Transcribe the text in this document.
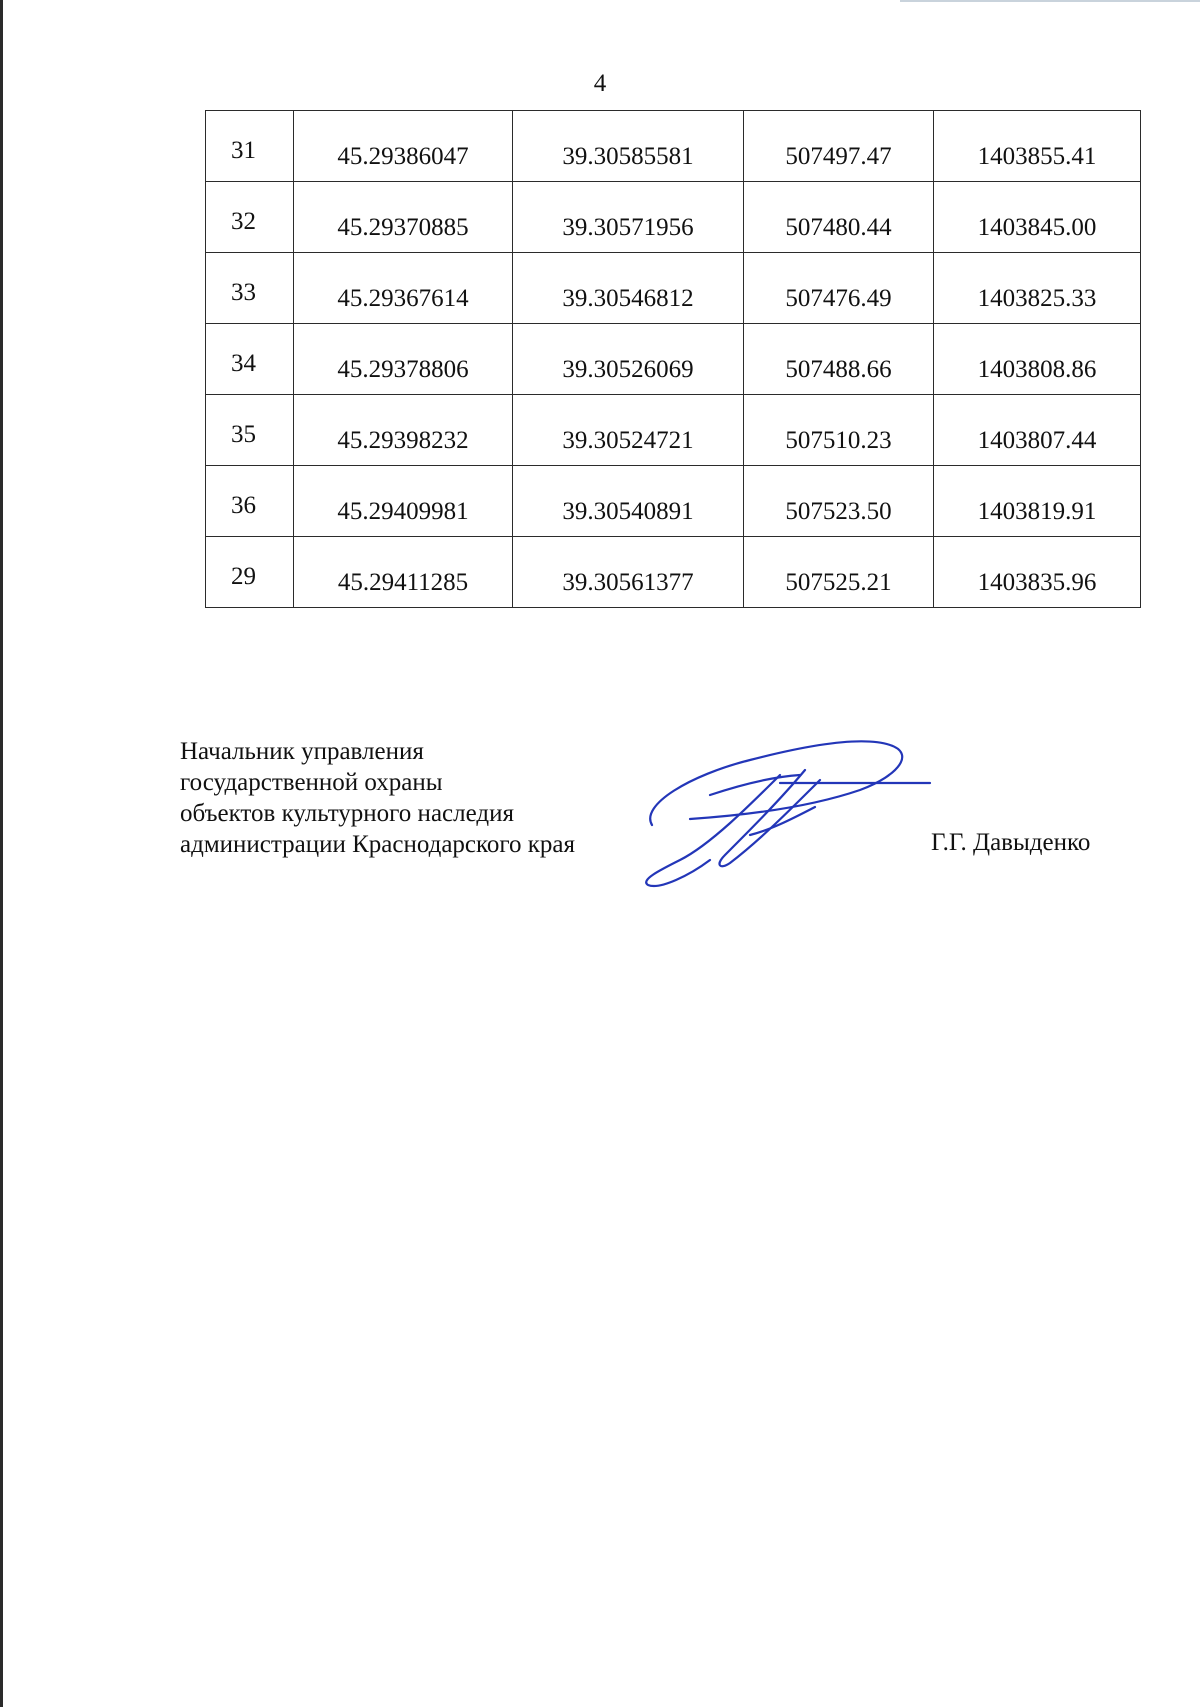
4
31	45.29386047	39.30585581	507497.47	1403855.41
32	45.29370885	39.30571956	507480.44	1403845.00
33	45.29367614	39.30546812	507476.49	1403825.33
34	45.29378806	39.30526069	507488.66	1403808.86
35	45.29398232	39.30524721	507510.23	1403807.44
36	45.29409981	39.30540891	507523.50	1403819.91
29	45.29411285	39.30561377	507525.21	1403835.96
Начальник управления
государственной охраны
объектов культурного наследия
администрации Краснодарского края	Г.Г. Давыденко
